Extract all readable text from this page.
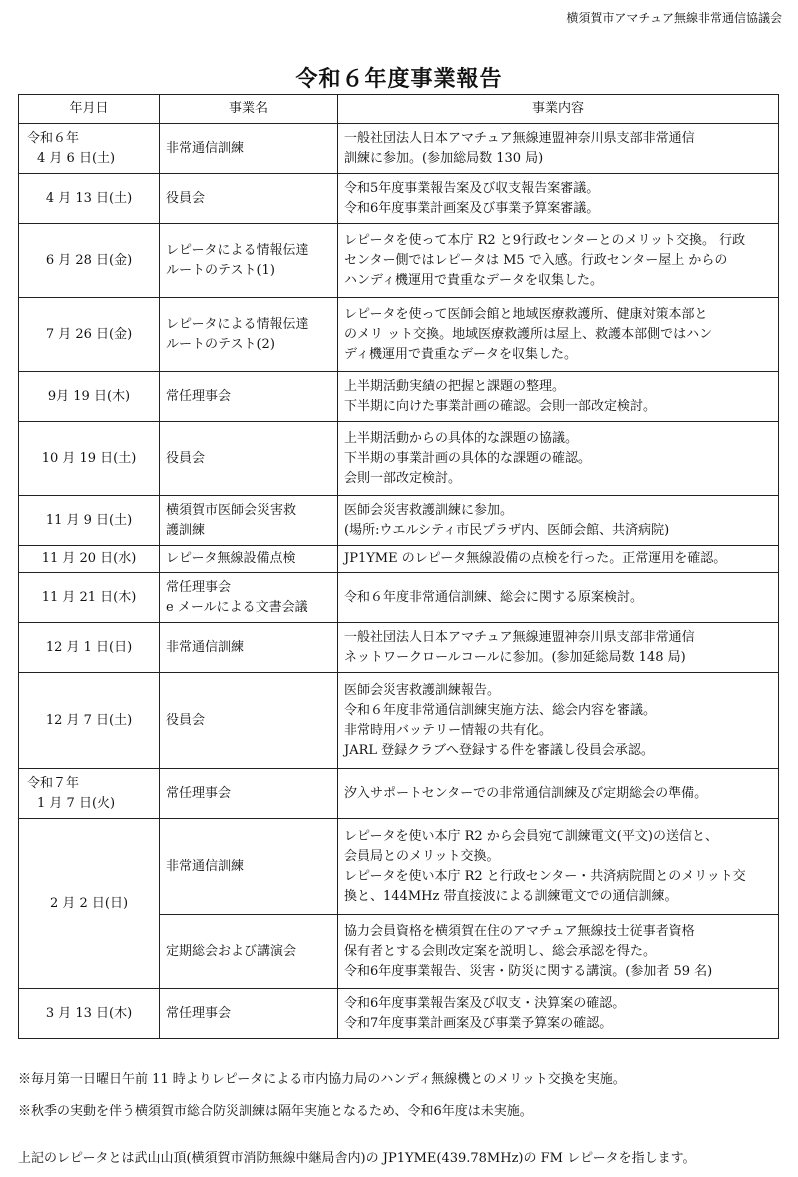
横須賀市アマチュア無線非常通信協議会
令和６年度事業報告
年月日	事業名	事業内容

令和６年
4 月 6 日(土)	非常通信訓練	一般社団法人日本アマチュア無線連盟神奈川県支部非常通信
訓練に参加。(参加総局数 130 局)

4 月 13 日(土)	役員会	令和5年度事業報告案及び収支報告案審議。
令和6年度事業計画案及び事業予算案審議。

6 月 28 日(金)	レピータによる情報伝達
ルートのテスト(1)	レピータを使って本庁 R2 と9行政センターとのメリット交換。 行政
センター側ではレピータは M5 で入感。行政センター屋上 からの
ハンディ機運用で貴重なデータを収集した。

7 月 26 日(金)	レピータによる情報伝達
ルートのテスト(2)	レピータを使って医師会館と地域医療救護所、健康対策本部と
のメリ ット交換。地域医療救護所は屋上、救護本部側ではハン
ディ機運用で貴重なデータを収集した。

9月 19 日(木)	常任理事会	上半期活動実績の把握と課題の整理。
下半期に向けた事業計画の確認。会則一部改定検討。

10 月 19 日(土)	役員会	上半期活動からの具体的な課題の協議。
下半期の事業計画の具体的な課題の確認。
会則一部改定検討。

11 月 9 日(土)	横須賀市医師会災害救
護訓練	医師会災害救護訓練に参加。
(場所:ウエルシティ市民プラザ内、医師会館、共済病院)

11 月 20 日(水)	レピータ無線設備点検	JP1YME のレピータ無線設備の点検を行った。正常運用を確認。

11 月 21 日(木)	常任理事会
e メールによる文書会議	令和６年度非常通信訓練、総会に関する原案検討。

12 月 1 日(日)	非常通信訓練	一般社団法人日本アマチュア無線連盟神奈川県支部非常通信
ネットワークロールコールに参加。(参加延総局数 148 局)

12 月 7 日(土)	役員会	医師会災害救護訓練報告。
令和６年度非常通信訓練実施方法、総会内容を審議。
非常時用バッテリー情報の共有化。
JARL 登録クラブへ登録する件を審議し役員会承認。

令和７年
1 月 7 日(火)	常任理事会	汐入サポートセンターでの非常通信訓練及び定期総会の準備。

2 月 2 日(日)	非常通信訓練	レピータを使い本庁 R2 から会員宛て訓練電文(平文)の送信と、
会員局とのメリット交換。
レピータを使い本庁 R2 と行政センター・共済病院間とのメリット交
換と、144MHz 帯直接波による訓練電文での通信訓練。

	定期総会および講演会	協力会員資格を横須賀在住のアマチュア無線技士従事者資格
保有者とする会則改定案を説明し、総会承認を得た。
令和6年度事業報告、災害・防災に関する講演。(参加者 59 名)

3 月 13 日(木)	常任理事会	令和6年度事業報告案及び収支・決算案の確認。
令和7年度事業計画案及び事業予算案の確認。
※毎月第一日曜日午前 11 時よりレピータによる市内協力局のハンディ無線機とのメリット交換を実施。
※秋季の実動を伴う横須賀市総合防災訓練は隔年実施となるため、令和6年度は未実施。
上記のレピータとは武山山頂(横須賀市消防無線中継局舎内)の JP1YME(439.78MHz)の FM レピータを指します。
